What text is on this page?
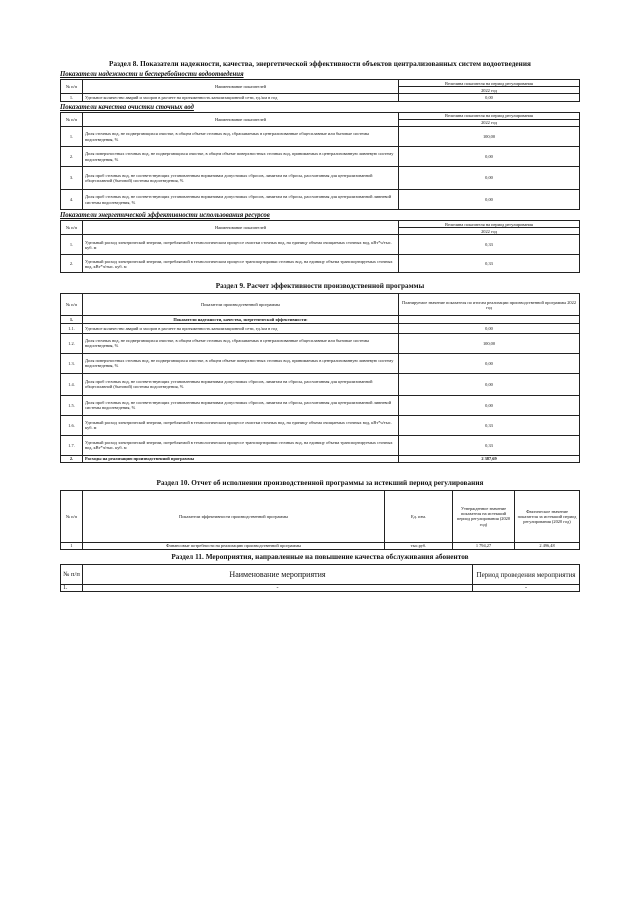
Раздел 8. Показатели надежности, качества, энергетической эффективности объектов централизованных систем водоотведения
Показатели надежности и бесперебойности водоотведения
№ п/п	Наименование показателей	Величина показателя на период регулирования
		2022 год
1.	Удельное количество аварий и засоров в расчете на протяженность канализационной сети, ед./км в год	0,00
Показатели качества очистки сточных вод
№ п/п	Наименование показателей	Величина показателя на период регулирования
		2022 год
1.	Доля сточных вод, не подвергающихся очистке, в общем объеме сточных вод, сбрасываемых в централизованные общесплавные или бытовые системы водоотведения, %	100,00
2.	Доля поверхностных сточных вод, не подвергающихся очистке, в общем объеме поверхностных сточных вод, принимаемых в централизованную ливневую систему водоотведения, %	0,00
3.	Доля проб сточных вод, не соответствующих установленным нормативам допустимых сбросов, лимитам на сбросы, рассчитанная для централизованной общесплавной (бытовой) системы водоотведения, %	0,00
4.	Доля проб сточных вод, не соответствующих установленным нормативам допустимых сбросов, лимитам на сбросы, рассчитанная для централизованной ливневой системы водоотведения, %	0,00
Показатели энергетической эффективности использования ресурсов
№ п/п	Наименование показателей	Величина показателя на период регулирования
		2022 год
1.	Удельный расход электрической энергии, потребляемой в технологическом процессе очистки сточных вод, на единицу объема очищаемых сточных вод, кВт*ч/тыс. куб. м	0,33
2.	Удельный расход электрической энергии, потребляемой в технологическом процессе транспортировки сточных вод, на единицу объема транспортируемых сточных вод, кВт*ч/тыс. куб. м	0,33
Раздел 9. Расчет эффективности производственной программы
№ п/п	Показатели производственной программы	Планируемое значение показателя по итогам реализации производственной программы 2022 год
1.	Показатели надежности, качества, энергетической эффективности:	
1.1.	Удельное количество аварий и засоров в расчете на протяженность канализационной сети, ед./км в год	0,00
1.2.	Доля сточных вод, не подвергающихся очистке, в общем объеме сточных вод, сбрасываемых в централизованные общесплавные или бытовые системы водоотведения, %	100,00
1.3.	Доля поверхностных сточных вод, не подвергающихся очистке, в общем объеме поверхностных сточных вод, принимаемых в централизованную ливневую систему водоотведения, %	0,00
1.4.	Доля проб сточных вод, не соответствующих установленным нормативам допустимых сбросов, лимитам на сбросы, рассчитанная для централизованной общесплавной (бытовой) системы водоотведения, %	0,00
1.5.	Доля проб сточных вод, не соответствующих установленным нормативам допустимых сбросов, лимитам на сбросы, рассчитанная для централизованной ливневой системы водоотведения, %	0,00
1.6.	Удельный расход электрической энергии, потребляемой в технологическом процессе очистки сточных вод, на единицу объема очищаемых сточных вод, кВт*ч/тыс. куб. м	0,33
1.7.	Удельный расход электрической энергии, потребляемой в технологическом процессе транспортировки сточных вод, на единицу объема транспортируемых сточных вод, кВт*ч/тыс. куб. м	0,33
2.	Расходы на реализацию производственной программы	2 387,69
Раздел 10. Отчет об исполнении производственной программы за истекший период регулирования
№ п/п	Показатели эффективности производственной программы	Ед. изм.	Утвержденное значение показателя на истекший период регулирования (2020 год)	Фактическое значение показателя за истекший период регулирования (2020 год)
1	Финансовые потребности на реализацию производственной программы	тыс.руб.	1 794,27	2 496,48
Раздел 11. Мероприятия, направленные на повышение качества обслуживания абонентов
№ п/п	Наименование мероприятия	Период проведения мероприятия
1.	-	-
